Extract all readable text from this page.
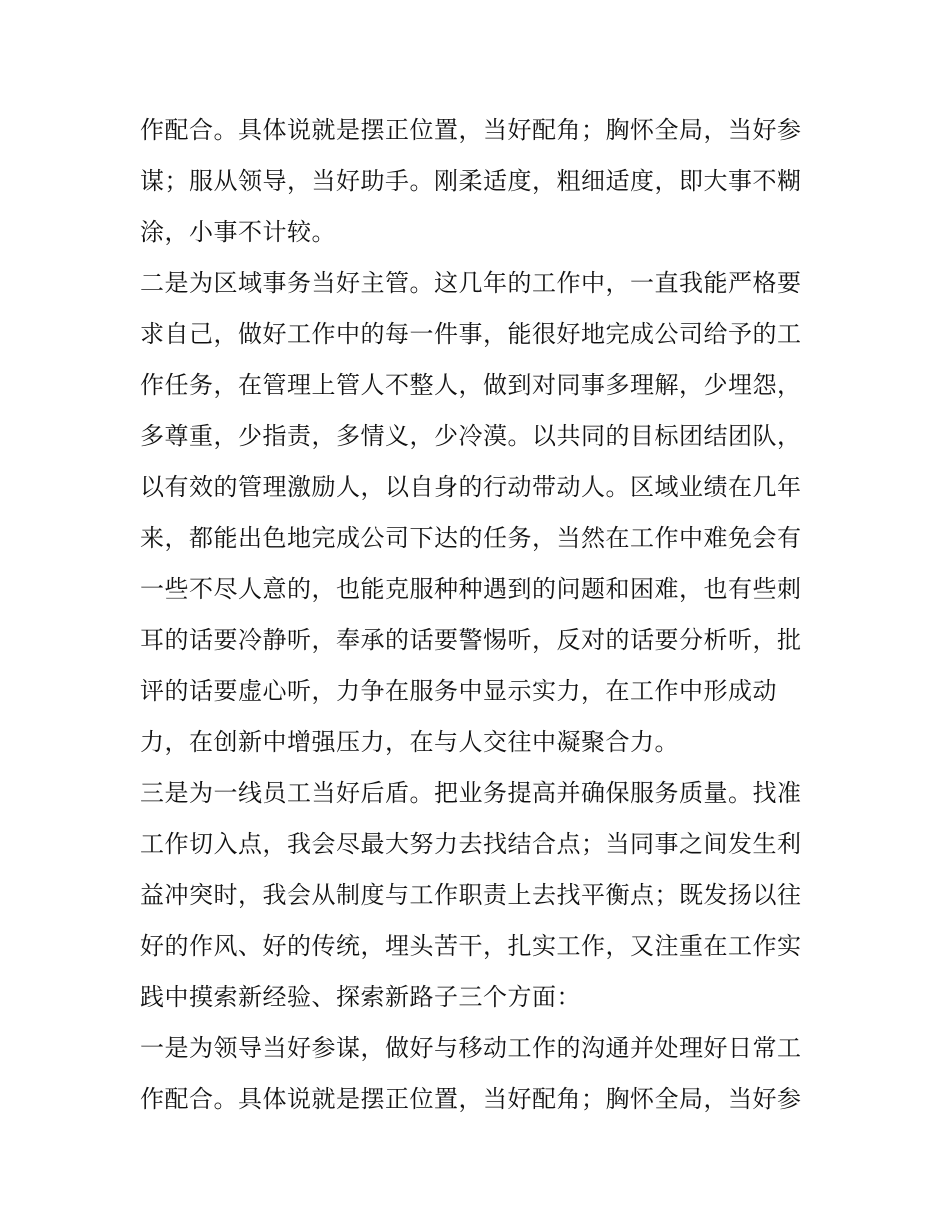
作配合。具体说就是摆正位置，当好配角；胸怀全局，当好参
谋；服从领导，当好助手。刚柔适度，粗细适度，即大事不糊
涂，小事不计较。
二是为区域事务当好主管。这几年的工作中，一直我能严格要
求自己，做好工作中的每一件事，能很好地完成公司给予的工
作任务，在管理上管人不整人，做到对同事多理解，少埋怨，
多尊重，少指责，多情义，少冷漠。以共同的目标团结团队，
以有效的管理激励人，以自身的行动带动人。区域业绩在几年
来，都能出色地完成公司下达的任务，当然在工作中难免会有
一些不尽人意的，也能克服种种遇到的问题和困难，也有些刺
耳的话要冷静听，奉承的话要警惕听，反对的话要分析听，批
评的话要虚心听，力争在服务中显示实力，在工作中形成动
力，在创新中增强压力，在与人交往中凝聚合力。
三是为一线员工当好后盾。把业务提高并确保服务质量。找准
工作切入点，我会尽最大努力去找结合点；当同事之间发生利
益冲突时，我会从制度与工作职责上去找平衡点；既发扬以往
好的作风、好的传统，埋头苦干，扎实工作，又注重在工作实
践中摸索新经验、探索新路子三个方面：
一是为领导当好参谋，做好与移动工作的沟通并处理好日常工
作配合。具体说就是摆正位置，当好配角；胸怀全局，当好参
